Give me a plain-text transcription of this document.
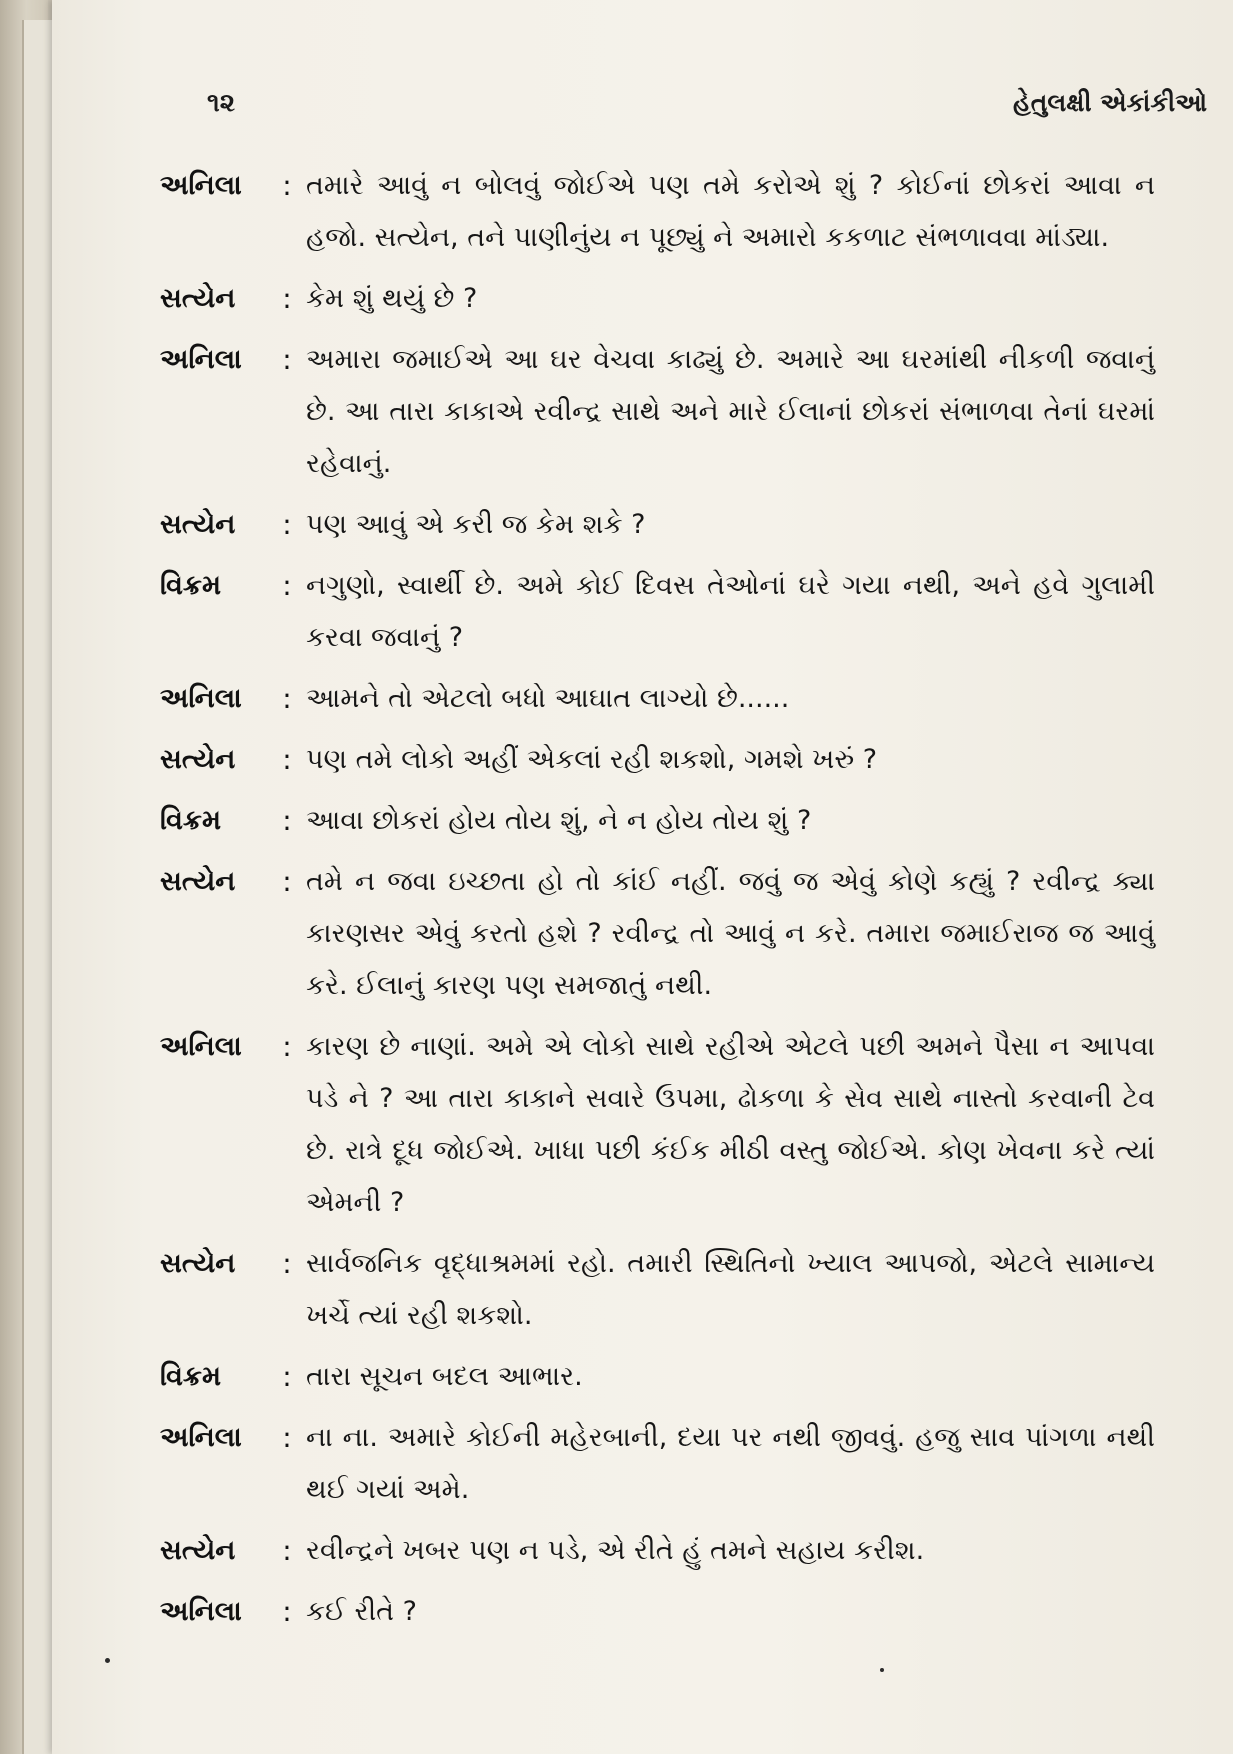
૧૨	હેતુલક્ષી એકાંકીઓ
અનિલા	: તમારે આવું ન બોલવું જોઈએ પણ તમે કરોએ શું ? કોઈનાં છોકરાં આવા ન હજો. સત્યેન, તને પાણીનુંય ન પૂછ્યું ને અમારો કકળાટ સંભળાવવા માંડ્યા.
સત્યેન	: કેમ શું થયું છે ?
અનિલા	: અમારા જમાઈએ આ ઘર વેચવા કાઢ્યું છે. અમારે આ ઘરમાંથી નીકળી જવાનું છે. આ તારા કાકાએ રવીન્દ્ર સાથે અને મારે ઈલાનાં છોકરાં સંભાળવા તેનાં ઘરમાં રહેવાનું.
સત્યેન	: પણ આવું એ કરી જ કેમ શકે ?
વિક્રમ	: નગુણો, સ્વાર્થી છે. અમે કોઈ દિવસ તેઓનાં ઘરે ગયા નથી, અને હવે ગુલામી કરવા જવાનું ?
અનિલા	: આમને તો એટલો બધો આઘાત લાગ્યો છે......
સત્યેન	: પણ તમે લોકો અહીં એકલાં રહી શકશો, ગમશે ખરું ?
વિક્રમ	: આવા છોકરાં હોય તોય શું, ને ન હોય તોય શું ?
સત્યેન	: તમે ન જવા ઇચ્છતા હો તો કાંઈ નહીં. જવું જ એવું કોણે કહ્યું ? રવીન્દ્ર ક્યા કારણસર એવું કરતો હશે ? રવીન્દ્ર તો આવું ન કરે. તમારા જમાઈરાજ જ આવું કરે. ઈલાનું કારણ પણ સમજાતું નથી.
અનિલા	: કારણ છે નાણાં. અમે એ લોકો સાથે રહીએ એટલે પછી અમને પૈસા ન આપવા પડે ને ? આ તારા કાકાને સવારે ઉપમા, ઢોકળા કે સેવ સાથે નાસ્તો કરવાની ટેવ છે. રાત્રે દૂધ જોઈએ. ખાધા પછી કંઈક મીઠી વસ્તુ જોઈએ. કોણ ખેવના કરે ત્યાં એમની ?
સત્યેન	: સાર્વજનિક વૃદ્ધાશ્રમમાં રહો. તમારી સ્થિતિનો ખ્યાલ આપજો, એટલે સામાન્ય ખર્ચે ત્યાં રહી શકશો.
વિક્રમ	: તારા સૂચન બદલ આભાર.
અનિલા	: ના ના. અમારે કોઈની મહેરબાની, દયા પર નથી જીવવું. હજુ સાવ પાંગળા નથી થઈ ગયાં અમે.
સત્યેન	: રવીન્દ્રને ખબર પણ ન પડે, એ રીતે હું તમને સહાય કરીશ.
અનિલા	: કઈ રીતે ?
